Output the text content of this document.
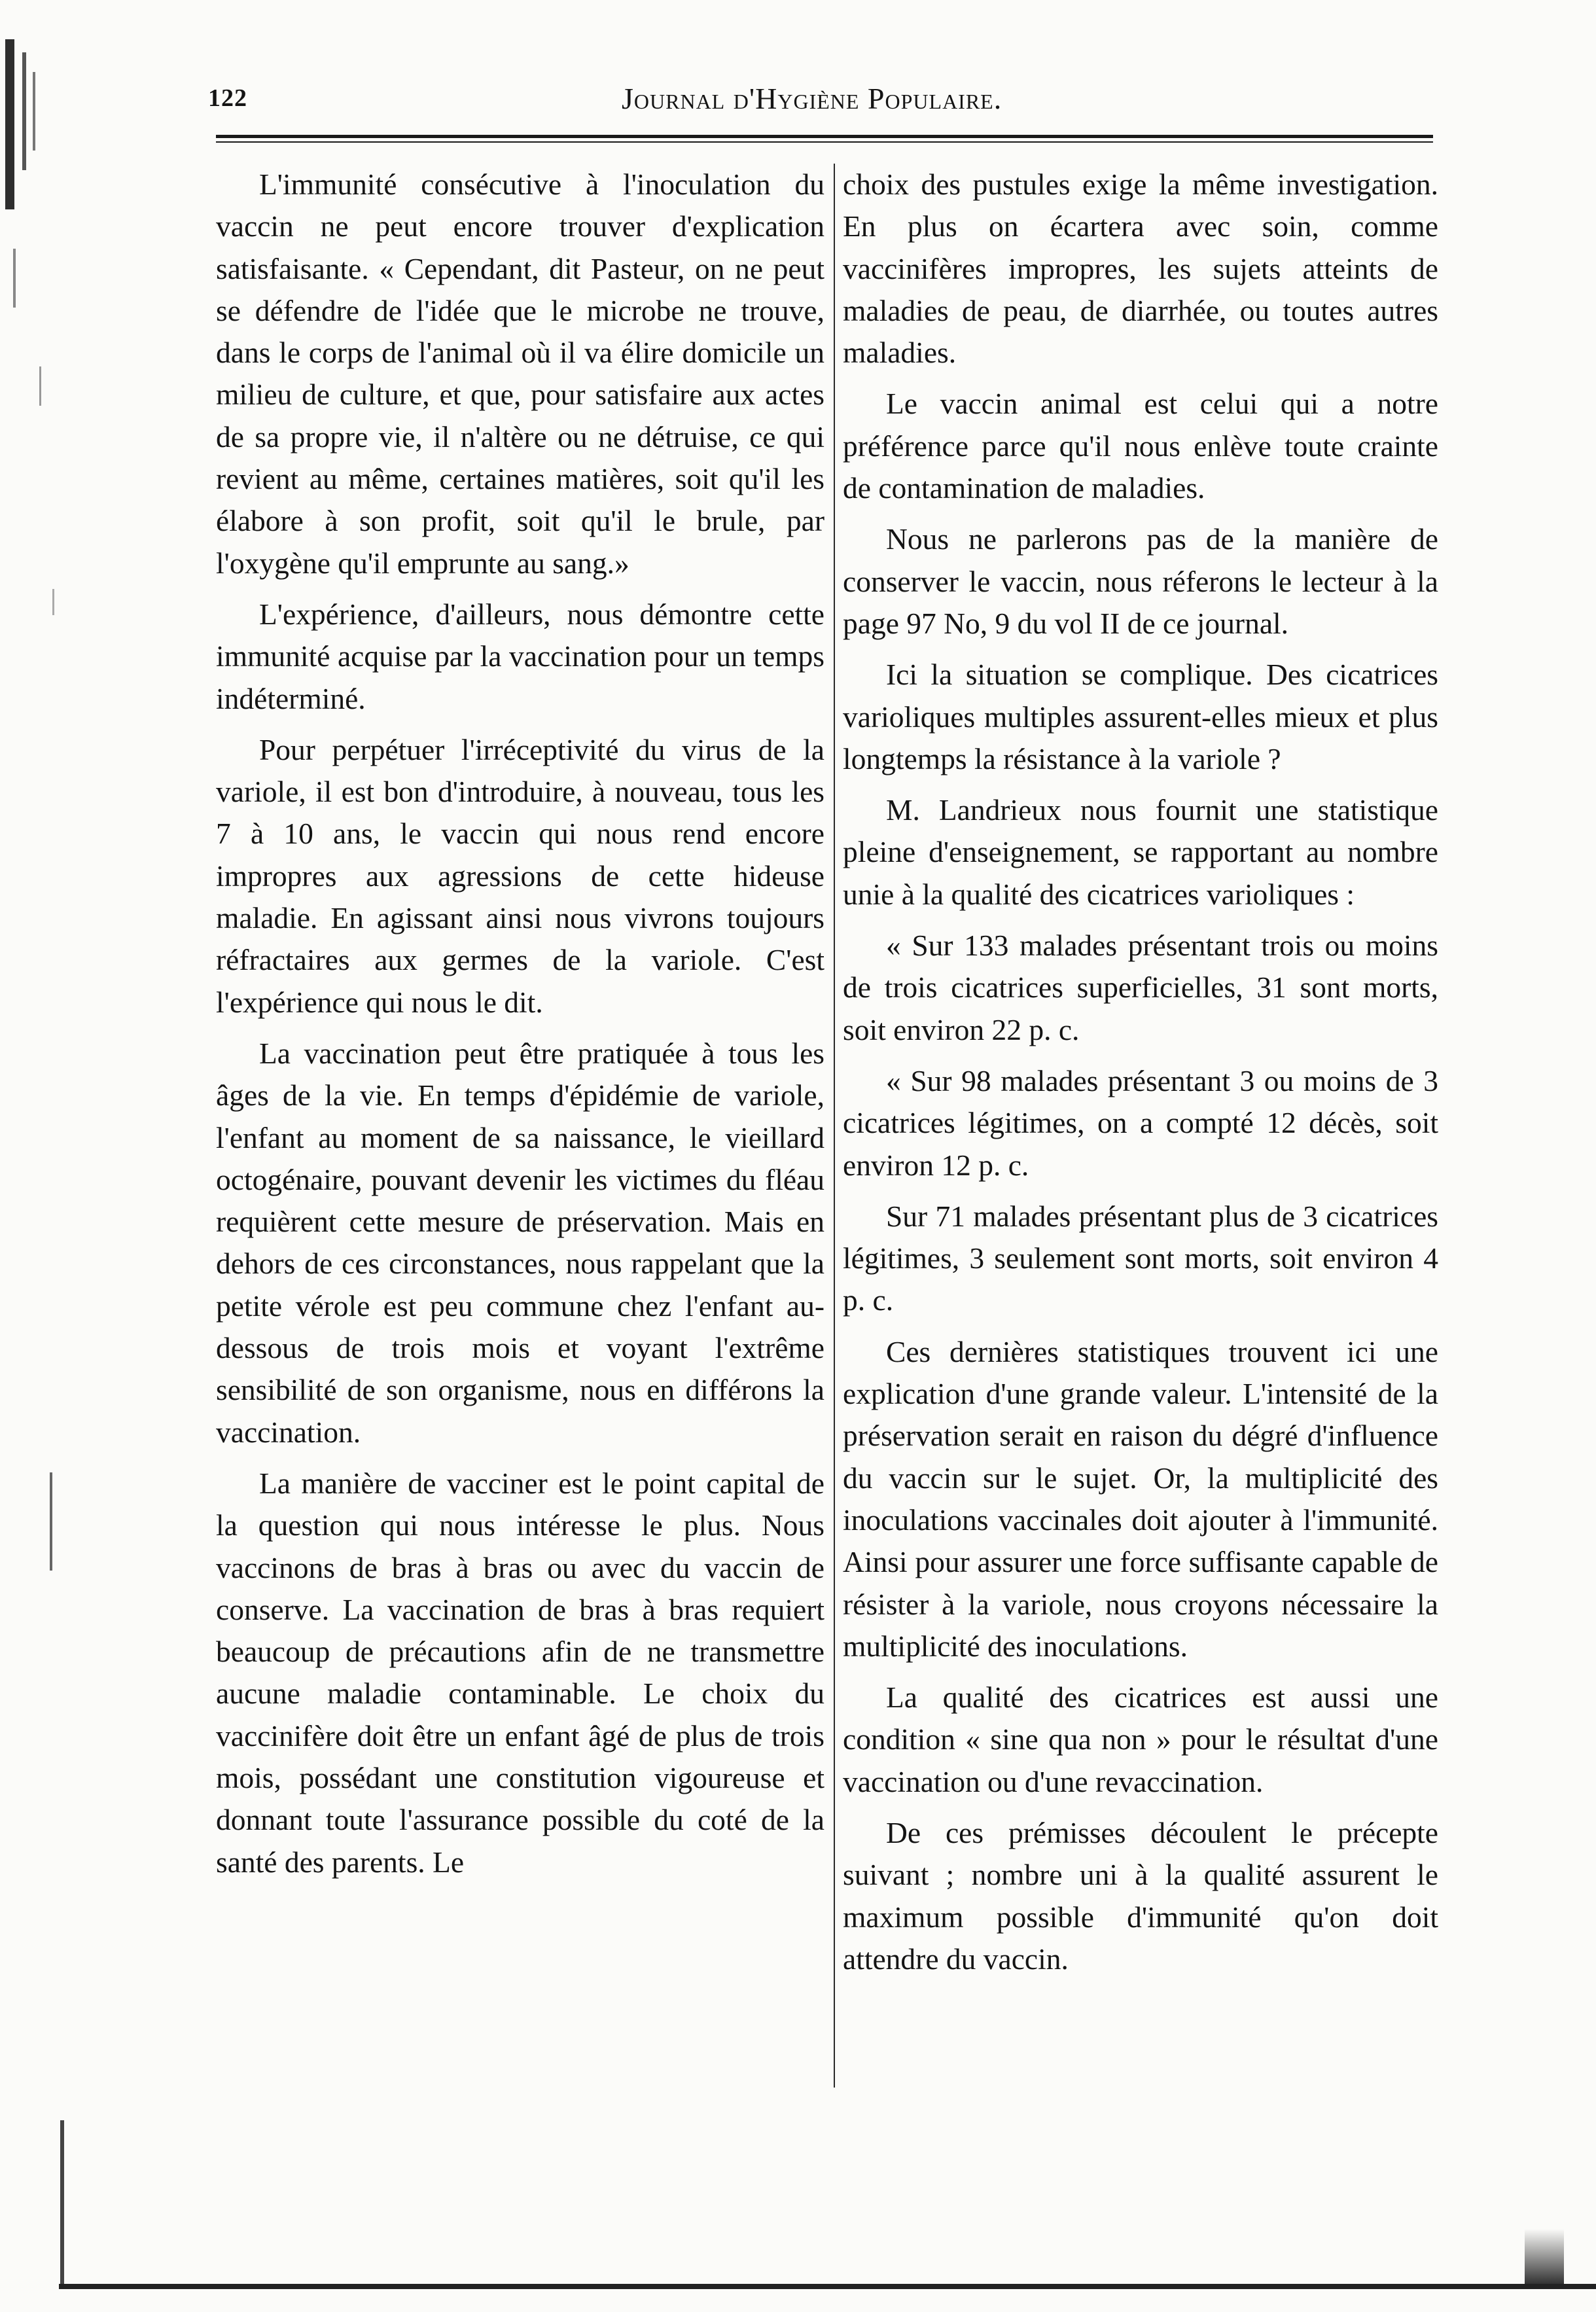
122	Journal d'Hygiène Populaire.

L'immunité consécutive à l'inoculation du vaccin ne peut encore trouver d'explication satisfaisante. « Cependant, dit Pasteur, on ne peut se défendre de l'idée que le microbe ne trouve, dans le corps de l'animal où il va élire domicile un milieu de culture, et que, pour satisfaire aux actes de sa propre vie, il n'altère ou ne détruise, ce qui revient au même, certaines matières, soit qu'il les élabore à son profit, soit qu'il le brule, par l'oxygène qu'il emprunte au sang.»

L'expérience, d'ailleurs, nous démontre cette immunité acquise par la vaccination pour un temps indéterminé.

Pour perpétuer l'irréceptivité du virus de la variole, il est bon d'introduire, à nouveau, tous les 7 à 10 ans, le vaccin qui nous rend encore impropres aux agressions de cette hideuse maladie. En agissant ainsi nous vivrons toujours réfractaires aux germes de la variole. C'est l'expérience qui nous le dit.

La vaccination peut être pratiquée à tous les âges de la vie. En temps d'épidémie de variole, l'enfant au moment de sa naissance, le vieillard octogénaire, pouvant devenir les victimes du fléau requièrent cette mesure de préservation. Mais en dehors de ces circonstances, nous rappelant que la petite vérole est peu commune chez l'enfant au-dessous de trois mois et voyant l'extrême sensibilité de son organisme, nous en différons la vaccination.

La manière de vacciner est le point capital de la question qui nous intéresse le plus. Nous vaccinons de bras à bras ou avec du vaccin de conserve. La vaccination de bras à bras requiert beaucoup de précautions afin de ne transmettre aucune maladie contaminable. Le choix du vaccinifère doit être un enfant âgé de plus de trois mois, possédant une constitution vigoureuse et donnant toute l'assurance possible du coté de la santé des parents. Le

choix des pustules exige la même investigation. En plus on écartera avec soin, comme vaccinifères impropres, les sujets atteints de maladies de peau, de diarrhée, ou toutes autres maladies.

Le vaccin animal est celui qui a notre préférence parce qu'il nous enlève toute crainte de contamination de maladies.

Nous ne parlerons pas de la manière de conserver le vaccin, nous réferons le lecteur à la page 97 No, 9 du vol II de ce journal.

Ici la situation se complique. Des cicatrices varioliques multiples assurent-elles mieux et plus longtemps la résistance à la variole ?

M. Landrieux nous fournit une statistique pleine d'enseignement, se rapportant au nombre unie à la qualité des cicatrices varioliques :

« Sur 133 malades présentant trois ou moins de trois cicatrices superficielles, 31 sont morts, soit environ 22 p. c.

« Sur 98 malades présentant 3 ou moins de 3 cicatrices légitimes, on a compté 12 décès, soit environ 12 p. c.

Sur 71 malades présentant plus de 3 cicatrices légitimes, 3 seulement sont morts, soit environ 4 p. c.

Ces dernières statistiques trouvent ici une explication d'une grande valeur. L'intensité de la préservation serait en raison du dégré d'influence du vaccin sur le sujet. Or, la multiplicité des inoculations vaccinales doit ajouter à l'immunité. Ainsi pour assurer une force suffisante capable de résister à la variole, nous croyons nécessaire la multiplicité des inoculations.

La qualité des cicatrices est aussi une condition « sine qua non » pour le résultat d'une vaccination ou d'une revaccination.

De ces prémisses découlent le précepte suivant ; nombre uni à la qualité assurent le maximum possible d'immunité qu'on doit attendre du vaccin.
